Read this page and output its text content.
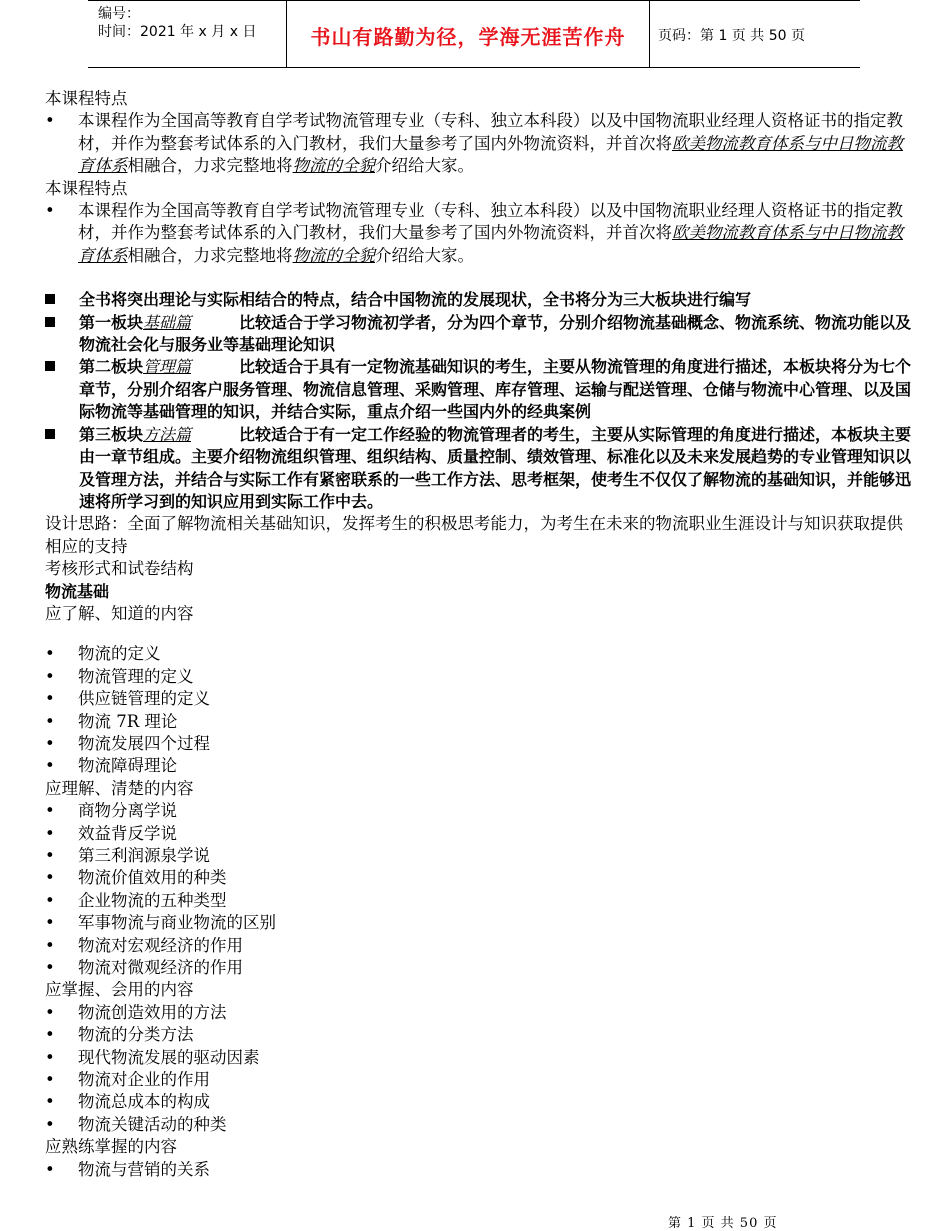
编号：
时间：2021 年 x 月 x 日	书山有路勤为径，学海无涯苦作舟	页码：第 1 页 共 50 页

本课程特点

• 本课程作为全国高等教育自学考试物流管理专业（专科、独立本科段）以及中国物流职业经理人资格证书的指定教材，并作为整套考试体系的入门教材，我们大量参考了国内外物流资料，并首次将欧美物流教育体系与中日物流教育体系相融合，力求完整地将物流的全貌介绍给大家。

本课程特点

• 本课程作为全国高等教育自学考试物流管理专业（专科、独立本科段）以及中国物流职业经理人资格证书的指定教材，并作为整套考试体系的入门教材，我们大量参考了国内外物流资料，并首次将欧美物流教育体系与中日物流教育体系相融合，力求完整地将物流的全貌介绍给大家。

全书将突出理论与实际相结合的特点，结合中国物流的发展现状，全书将分为三大板块进行编写

第一板块基础篇   	比较适合于学习物流初学者，分为四个章节，分别介绍物流基础概念、物流系统、物流功能以及物流社会化与服务业等基础理论知识

第二板块管理篇   	比较适合于具有一定物流基础知识的考生，主要从物流管理的角度进行描述，本板块将分为七个章节，分别介绍客户服务管理、物流信息管理、采购管理、库存管理、运输与配送管理、仓储与物流中心管理、以及国际物流等基础管理的知识，并结合实际，重点介绍一些国内外的经典案例

第三板块方法篇   	比较适合于有一定工作经验的物流管理者的考生，主要从实际管理的角度进行描述，本板块主要由一章节组成。主要介绍物流组织管理、组织结构、质量控制、绩效管理、标准化以及未来发展趋势的专业管理知识以及管理方法，并结合与实际工作有紧密联系的一些工作方法、思考框架，使考生不仅仅了解物流的基础知识，并能够迅速将所学习到的知识应用到实际工作中去。

设计思路：全面了解物流相关基础知识，发挥考生的积极思考能力，为考生在未来的物流职业生涯设计与知识获取提供相应的支持

考核形式和试卷结构

物流基础

应了解、知道的内容

• 物流的定义
• 物流管理的定义
• 供应链管理的定义
• 物流 7R 理论
• 物流发展四个过程
• 物流障碍理论

应理解、清楚的内容

• 商物分离学说
• 效益背反学说
• 第三利润源泉学说
• 物流价值效用的种类
• 企业物流的五种类型
• 军事物流与商业物流的区别
• 物流对宏观经济的作用
• 物流对微观经济的作用

应掌握、会用的内容

• 物流创造效用的方法
• 物流的分类方法
• 现代物流发展的驱动因素
• 物流对企业的作用
• 物流总成本的构成
• 物流关键活动的种类

应熟练掌握的内容

• 物流与营销的关系
第 1 页 共 50 页
